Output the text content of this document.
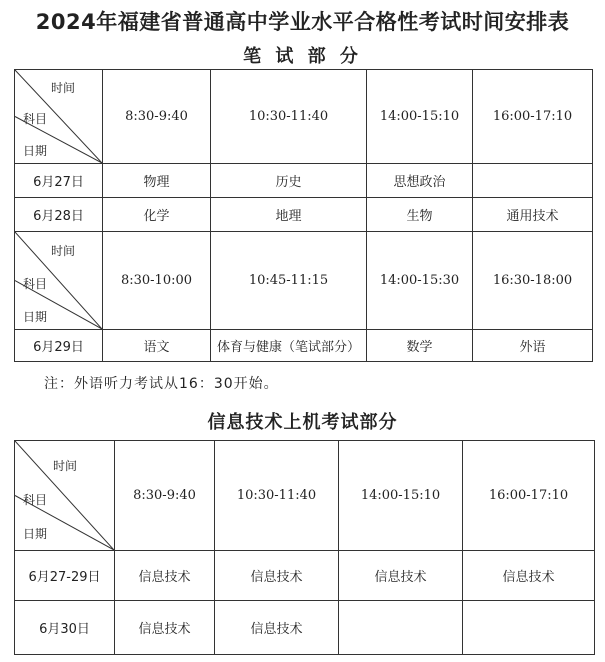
2024年福建省普通高中学业水平合格性考试时间安排表
笔 试 部 分
时间
科目
日期	8:30-9:40	10:30-11:40	14:00-15:10	16:00-17:10
6月27日	物理	历史	思想政治	
6月28日	化学	地理	生物	通用技术

时间
科目
日期	8:30-10:00	10:45-11:15	14:00-15:30	16:30-18:00
6月29日	语文	体育与健康（笔试部分）	数学	外语
注：外语听力考试从16：30开始。
信息技术上机考试部分
时间
科目
日期	8:30-9:40	10:30-11:40	14:00-15:10	16:00-17:10
6月27-29日	信息技术	信息技术	信息技术	信息技术
6月30日	信息技术	信息技术		
